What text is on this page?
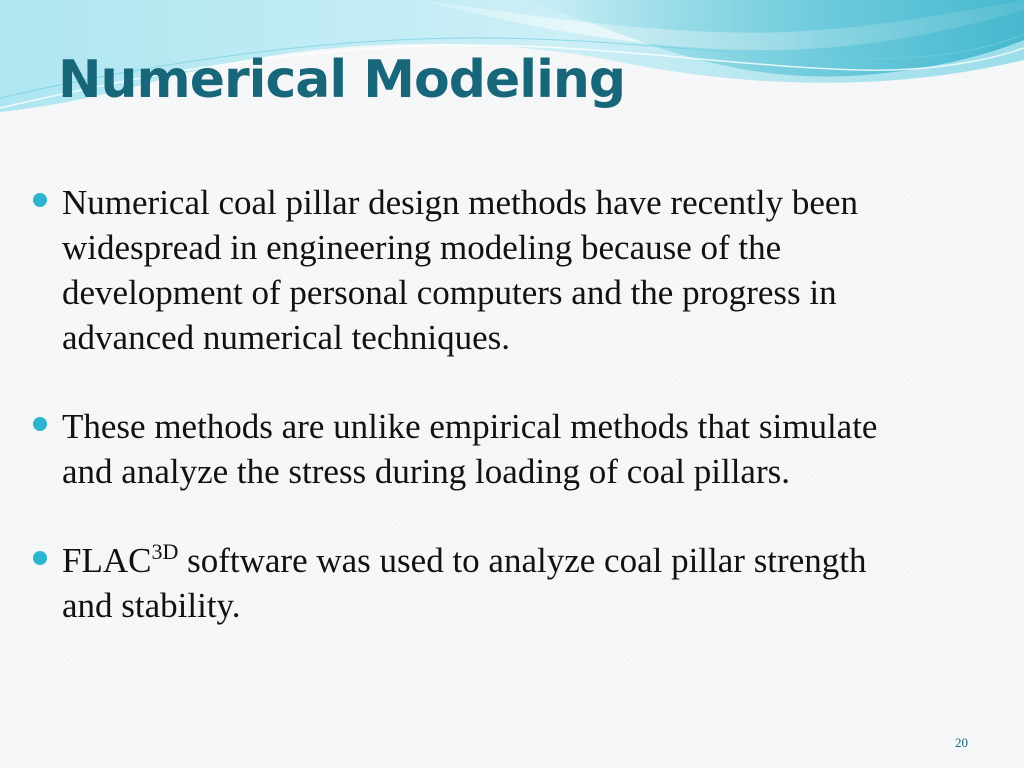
Numerical Modeling
Numerical coal pillar design methods have recently been widespread in engineering modeling because of the development of personal computers and the progress in advanced numerical techniques.
These methods are unlike empirical methods that simulate and analyze the stress during loading of coal pillars.
$FLAC^{3D}$ software was used to analyze coal pillar strength and stability.
20
